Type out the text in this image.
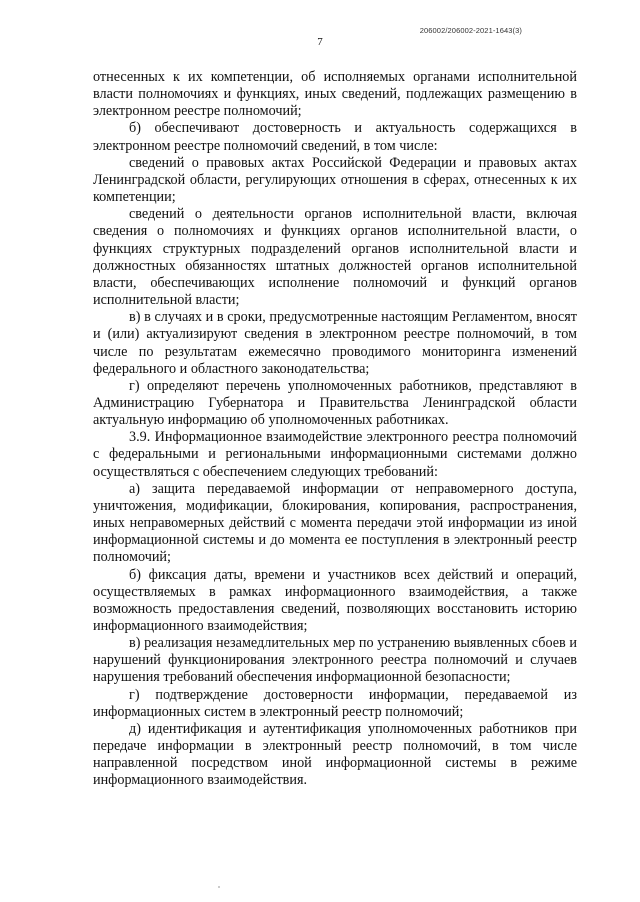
206002/206002-2021-1643(3)
7

отнесенных к их компетенции, об исполняемых органами исполнительной власти полномочиях и функциях, иных сведений, подлежащих размещению в электронном реестре полномочий;

б) обеспечивают достоверность и актуальность содержащихся в электронном реестре полномочий сведений, в том числе:

сведений о правовых актах Российской Федерации и правовых актах Ленинградской области, регулирующих отношения в сферах, отнесенных к их компетенции;

сведений о деятельности органов исполнительной власти, включая сведения о полномочиях и функциях органов исполнительной власти, о функциях структурных подразделений органов исполнительной власти и должностных обязанностях штатных должностей органов исполнительной власти, обеспечивающих исполнение полномочий и функций органов исполнительной власти;

в) в случаях и в сроки, предусмотренные настоящим Регламентом, вносят и (или) актуализируют сведения в электронном реестре полномочий, в том числе по результатам ежемесячно проводимого мониторинга изменений федерального и областного законодательства;

г) определяют перечень уполномоченных работников, представляют в Администрацию Губернатора и Правительства Ленинградской области актуальную информацию об уполномоченных работниках.

3.9. Информационное взаимодействие электронного реестра полномочий с федеральными и региональными информационными системами должно осуществляться с обеспечением следующих требований:

а) защита передаваемой информации от неправомерного доступа, уничтожения, модификации, блокирования, копирования, распространения, иных неправомерных действий с момента передачи этой информации из иной информационной системы и до момента ее поступления в электронный реестр полномочий;

б) фиксация даты, времени и участников всех действий и операций, осуществляемых в рамках информационного взаимодействия, а также возможность предоставления сведений, позволяющих восстановить историю информационного взаимодействия;

в) реализация незамедлительных мер по устранению выявленных сбоев и нарушений функционирования электронного реестра полномочий и случаев нарушения требований обеспечения информационной безопасности;

г) подтверждение достоверности информации, передаваемой из информационных систем в электронный реестр полномочий;

д) идентификация и аутентификация уполномоченных работников при передаче информации в электронный реестр полномочий, в том числе направленной посредством иной информационной системы в режиме информационного взаимодействия.
